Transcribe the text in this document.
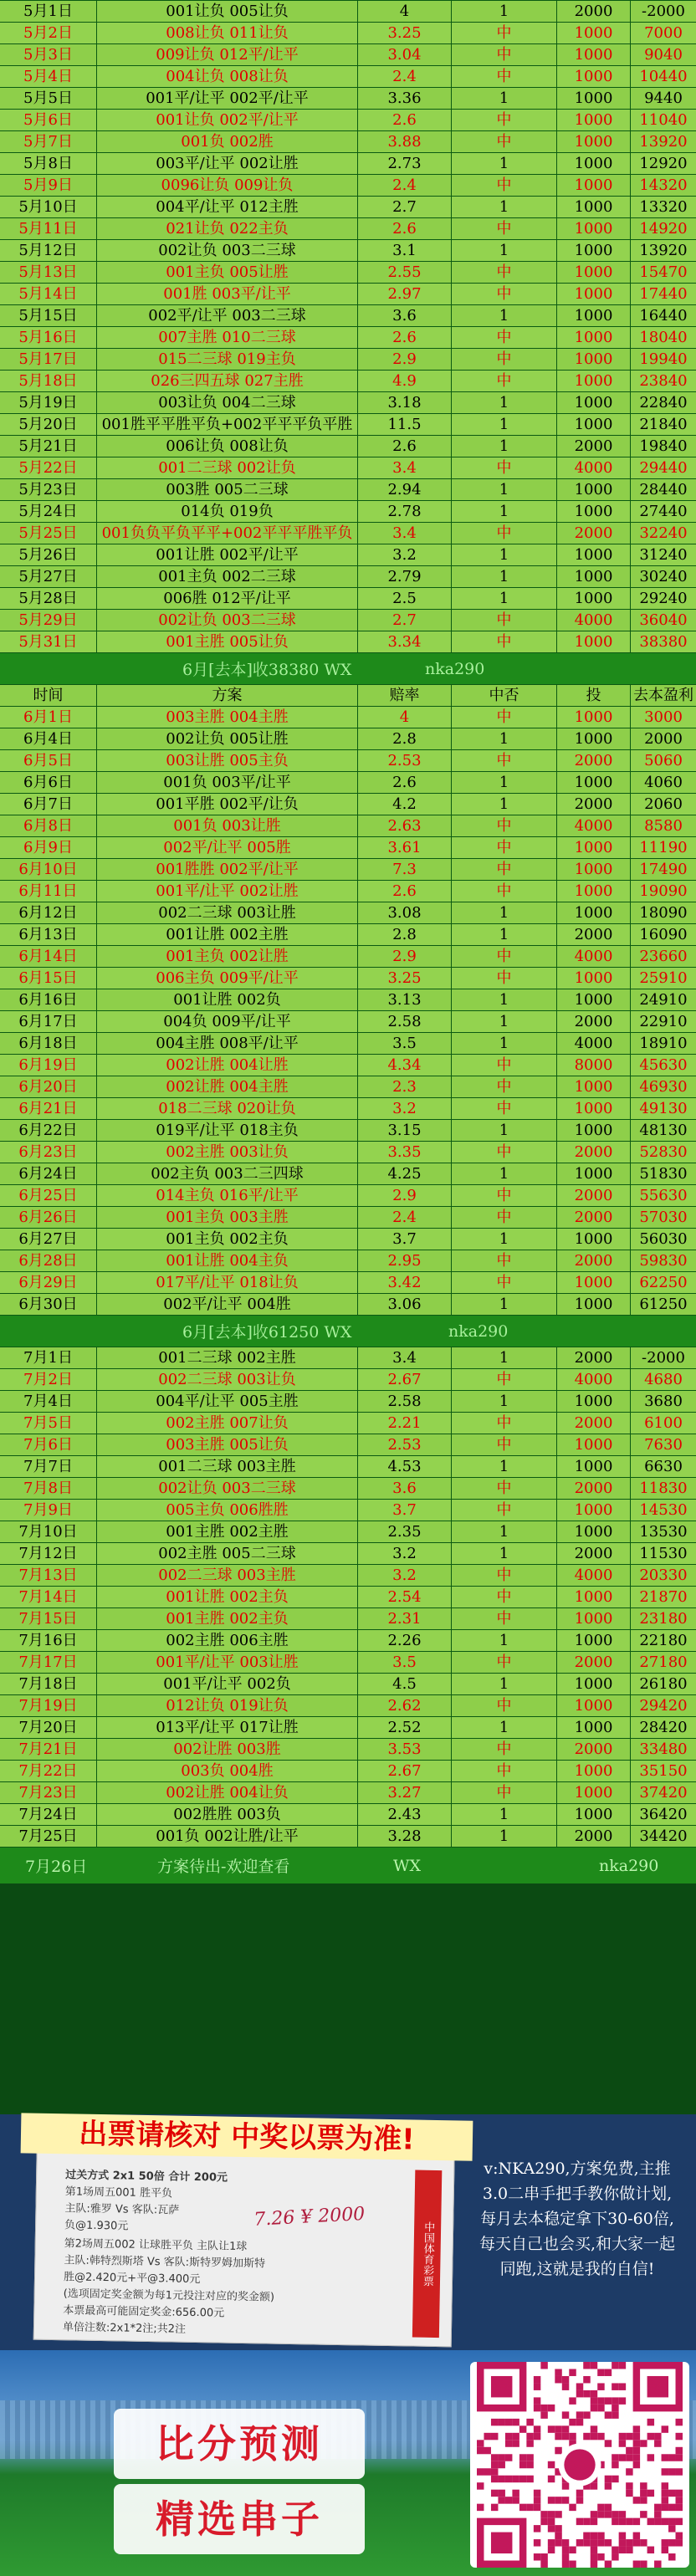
5月1日	001让负 005让负	4	1	2000	-2000
5月2日	008让负 011让负	3.25	中	1000	7000
5月3日	009让负 012平/让平	3.04	中	1000	9040
5月4日	004让负 008让负	2.4	中	1000	10440
5月5日	001平/让平 002平/让平	3.36	1	1000	9440
5月6日	001让负 002平/让平	2.6	中	1000	11040
5月7日	001负 002胜	3.88	中	1000	13920
5月8日	003平/让平 002让胜	2.73	1	1000	12920
5月9日	0096让负 009让负	2.4	中	1000	14320
5月10日	004平/让平 012主胜	2.7	1	1000	13320
5月11日	021让负 022主负	2.6	中	1000	14920
5月12日	002让负 003二三球	3.1	1	1000	13920
5月13日	001主负 005让胜	2.55	中	1000	15470
5月14日	001胜 003平/让平	2.97	中	1000	17440
5月15日	002平/让平 003二三球	3.6	1	1000	16440
5月16日	007主胜 010二三球	2.6	中	1000	18040
5月17日	015二三球 019主负	2.9	中	1000	19940
5月18日	026三四五球 027主胜	4.9	中	1000	23840
5月19日	003让负 004二三球	3.18	1	1000	22840
5月20日	001胜平平胜平负+002平平平负平胜	11.5	1	1000	21840
5月21日	006让负 008让负	2.6	1	2000	19840
5月22日	001二三球 002让负	3.4	中	4000	29440
5月23日	003胜 005二三球	2.94	1	1000	28440
5月24日	014负 019负	2.78	1	1000	27440
5月25日	001负负平负平平+002平平平胜平负	3.4	中	2000	32240
5月26日	001让胜 002平/让平	3.2	1	1000	31240
5月27日	001主负 002二三球	2.79	1	1000	30240
5月28日	006胜 012平/让平	2.5	1	1000	29240
5月29日	002让负 003二三球	2.7	中	4000	36040
5月31日	001主胜 005让负	3.34	中	1000	38380
6月[去本]收38380 WX	nka290
时间	方案	赔率	中否	投	去本盈利
6月1日	003主胜 004主胜	4	中	1000	3000
6月4日	002让负 005让胜	2.8	1	1000	2000
6月5日	003让胜 005主负	2.53	中	2000	5060
6月6日	001负 003平/让平	2.6	1	1000	4060
6月7日	001平胜 002平/让负	4.2	1	2000	2060
6月8日	001负 003让胜	2.63	中	4000	8580
6月9日	002平/让平 005胜	3.61	中	1000	11190
6月10日	001胜胜 002平/让平	7.3	中	1000	17490
6月11日	001平/让平 002让胜	2.6	中	1000	19090
6月12日	002二三球 003让胜	3.08	1	1000	18090
6月13日	001让胜 002主胜	2.8	1	2000	16090
6月14日	001主负 002让胜	2.9	中	4000	23660
6月15日	006主负 009平/让平	3.25	中	1000	25910
6月16日	001让胜 002负	3.13	1	1000	24910
6月17日	004负 009平/让平	2.58	1	2000	22910
6月18日	004主胜 008平/让平	3.5	1	4000	18910
6月19日	002让胜 004让胜	4.34	中	8000	45630
6月20日	002让胜 004主胜	2.3	中	1000	46930
6月21日	018二三球 020让负	3.2	中	1000	49130
6月22日	019平/让平 018主负	3.15	1	1000	48130
6月23日	002主胜 003让负	3.35	中	2000	52830
6月24日	002主负 003二三四球	4.25	1	1000	51830
6月25日	014主负 016平/让平	2.9	中	2000	55630
6月26日	001主负 003主胜	2.4	中	2000	57030
6月27日	001主负 002主负	3.7	1	1000	56030
6月28日	001让胜 004主负	2.95	中	2000	59830
6月29日	017平/让平 018让负	3.42	中	1000	62250
6月30日	002平/让平 004胜	3.06	1	1000	61250
6月[去本]收61250 WX	nka290
7月1日	001二三球 002主胜	3.4	1	2000	-2000
7月2日	002二三球 003让负	2.67	中	4000	4680
7月4日	004平/让平 005主胜	2.58	1	1000	3680
7月5日	002主胜 007让负	2.21	中	2000	6100
7月6日	003主胜 005让负	2.53	中	1000	7630
7月7日	001二三球 003主胜	4.53	1	1000	6630
7月8日	002让负 003二三球	3.6	中	2000	11830
7月9日	005主负 006胜胜	3.7	中	1000	14530
7月10日	001主胜 002主胜	2.35	1	1000	13530
7月12日	002主胜 005二三球	3.2	1	2000	11530
7月13日	002二三球 003主胜	3.2	中	4000	20330
7月14日	001让胜 002主负	2.54	中	1000	21870
7月15日	001主胜 002主负	2.31	中	1000	23180
7月16日	002主胜 006主胜	2.26	1	1000	22180
7月17日	001平/让平 003让胜	3.5	中	2000	27180
7月18日	001平/让平 002负	4.5	1	1000	26180
7月19日	012让负 019让负	2.62	中	1000	29420
7月20日	013平/让平 017让胜	2.52	1	1000	28420
7月21日	002让胜 003胜	3.53	中	2000	33480
7月22日	003负 004胜	2.67	中	1000	35150
7月23日	002让胜 004让负	3.27	中	1000	37420
7月24日	002胜胜 003负	2.43	1	1000	36420
7月25日	001负 002让胜/让平	3.28	1	2000	34420
7月26日	方案待出-欢迎查看	WX	nka290
出票请核对 中奖以票为准!
过关方式 2x1 50倍 合计 200元
第1场周五001 胜平负
主队:雅罗 Vs 客队:瓦萨
负@1.930元
第2场周五002 让球胜平负 主队让1球
主队:韩特烈斯塔 Vs 客队:斯特罗姆加斯特
胜@2.420元+平@3.400元
(选项固定奖金额为每1元投注对应的奖金额)
本票最高可能固定奖金:656.00元
单倍注数:2x1*2注;共2注
7.26 ¥ 2000
中国体育彩票
v:NKA290,方案免费,主推
3.0二串手把手教你做计划,
每月去本稳定拿下30-60倍,
每天自己也会买,和大家一起
同跑,这就是我的自信!
比分预测
精选串子
